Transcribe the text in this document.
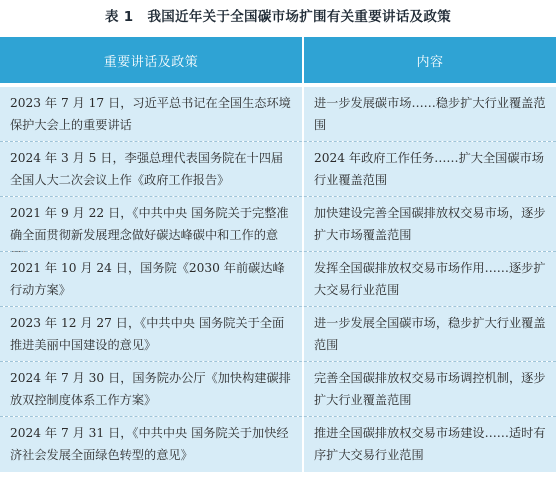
表 1 我国近年关于全国碳市场扩围有关重要讲话及政策
重要讲话及政策	内容
2023 年 7 月 17 日，习近平总书记在全国生态环境保护大会上的重要讲话
进一步发展碳市场……稳步扩大行业覆盖范围
2024 年 3 月 5 日，李强总理代表国务院在十四届全国人大二次会议上作《政府工作报告》
2024 年政府工作任务……扩大全国碳市场行业覆盖范围
2021 年 9 月 22 日，《中共中央 国务院关于完整准确全面贯彻新发展理念做好碳达峰碳中和工作的意
加快建设完善全国碳排放权交易市场，逐步扩大市场覆盖范围
2021 年 10 月 24 日，国务院《2030 年前碳达峰行动方案》
发挥全国碳排放权交易市场作用……逐步扩大交易行业范围
2023 年 12 月 27 日，《中共中央 国务院关于全面推进美丽中国建设的意见》
进一步发展全国碳市场，稳步扩大行业覆盖范围
2024 年 7 月 30 日，国务院办公厅《加快构建碳排放双控制度体系工作方案》
完善全国碳排放权交易市场调控机制，逐步扩大行业覆盖范围
2024 年 7 月 31 日，《中共中央 国务院关于加快经济社会发展全面绿色转型的意见》
推进全国碳排放权交易市场建设……适时有序扩大交易行业范围
